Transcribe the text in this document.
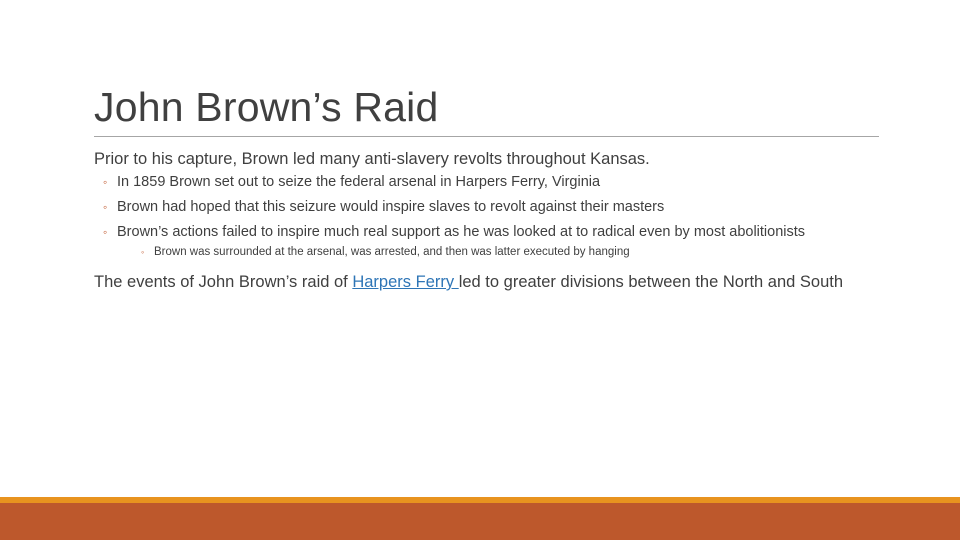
John Brown’s Raid

Prior to his capture, Brown led many anti-slavery revolts throughout Kansas.

◦ In 1859 Brown set out to seize the federal arsenal in Harpers Ferry, Virginia
◦ Brown had hoped that this seizure would inspire slaves to revolt against their masters
◦ Brown’s actions failed to inspire much real support as he was looked at to radical even by most abolitionists
◦ Brown was surrounded at the arsenal, was arrested, and then was latter executed by hanging

The events of John Brown’s raid of Harpers Ferry led to greater divisions between the North and South
